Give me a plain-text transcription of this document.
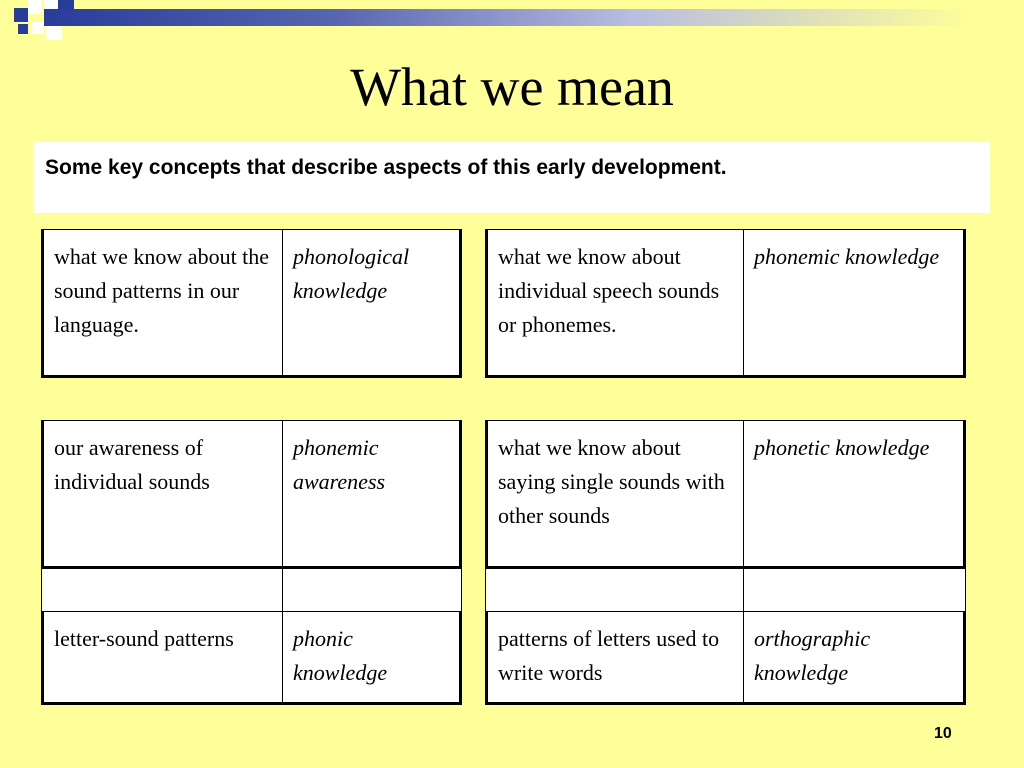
What we mean
Some key concepts that describe aspects of this early development.
what we know about the sound patterns in our language.	phonological knowledge
what we know about individual speech sounds or phonemes.	phonemic knowledge
our awareness of individual sounds	phonemic awareness
what we know about saying single sounds with other sounds	phonetic knowledge
letter-sound patterns	phonic knowledge
patterns of letters used to write words	orthographic knowledge
10
